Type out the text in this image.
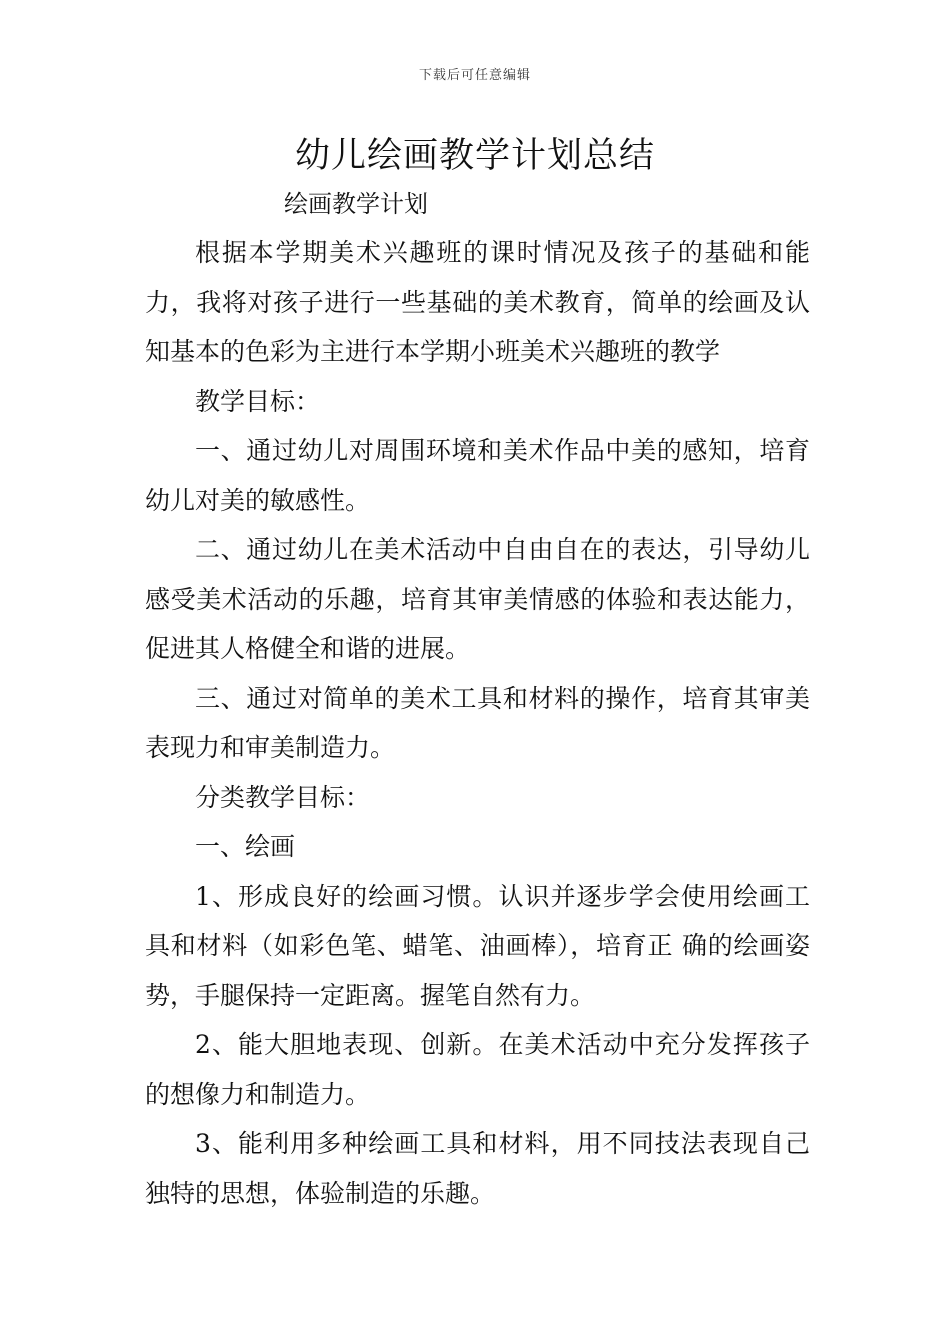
下载后可任意编辑
幼儿绘画教学计划总结
绘画教学计划

根据本学期美术兴趣班的课时情况及孩子的基础和能力，我将对孩子进行一些基础的美术教育，简单的绘画及认知基本的色彩为主进行本学期小班美术兴趣班的教学

教学目标：

一、通过幼儿对周围环境和美术作品中美的感知，培育幼儿对美的敏感性。

二、通过幼儿在美术活动中自由自在的表达，引导幼儿感受美术活动的乐趣，培育其审美情感的体验和表达能力，促进其人格健全和谐的进展。

三、通过对简单的美术工具和材料的操作，培育其审美表现力和审美制造力。

分类教学目标：

一、绘画

1、形成良好的绘画习惯。认识并逐步学会使用绘画工具和材料（如彩色笔、蜡笔、油画棒），培育正 确的绘画姿势，手腿保持一定距离。握笔自然有力。

2、能大胆地表现、创新。在美术活动中充分发挥孩子的想像力和制造力。

3、能利用多种绘画工具和材料，用不同技法表现自己独特的思想，体验制造的乐趣。
